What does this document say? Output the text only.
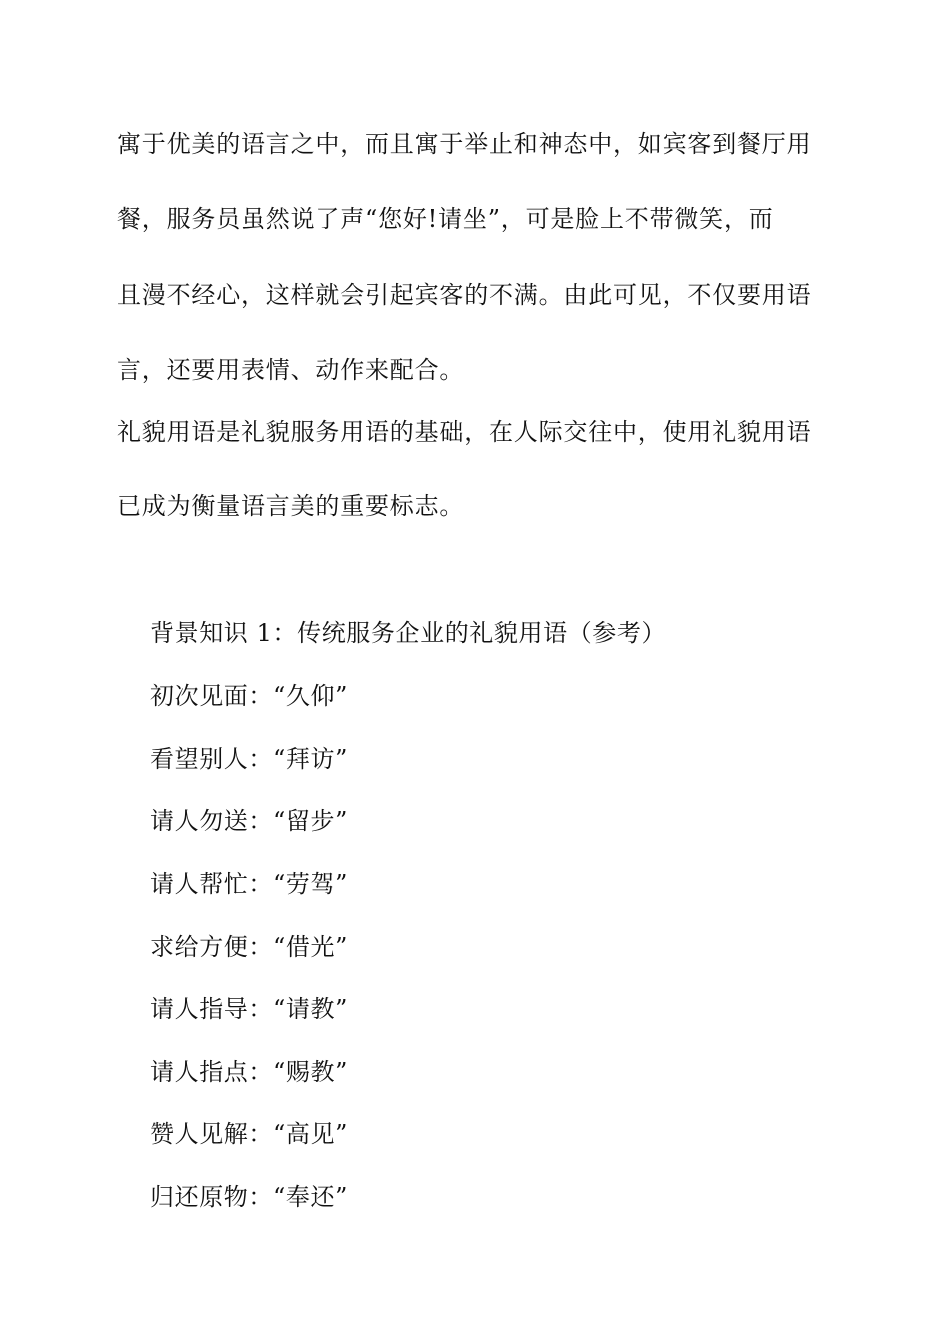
寓于优美的语言之中，而且寓于举止和神态中，如宾客到餐厅用
餐，服务员虽然说了声“您好!请坐”，可是脸上不带微笑，而
且漫不经心，这样就会引起宾客的不满。由此可见，不仅要用语
言，还要用表情、动作来配合。
礼貌用语是礼貌服务用语的基础，在人际交往中，使用礼貌用语
已成为衡量语言美的重要标志。
背景知识 1：传统服务企业的礼貌用语（参考）
初次见面：“久仰”
看望别人：“拜访”
请人勿送：“留步”
请人帮忙：“劳驾”
求给方便：“借光”
请人指导：“请教”
请人指点：“赐教”
赞人见解：“高见”
归还原物：“奉还”
